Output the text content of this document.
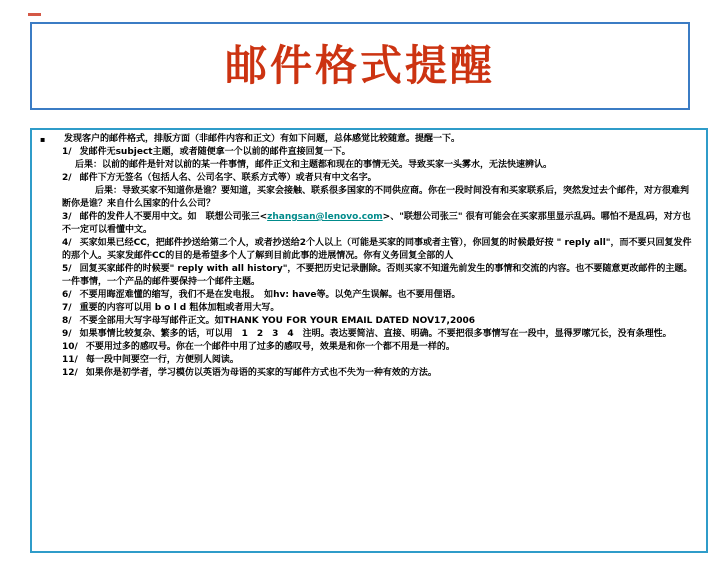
邮件格式提醒
▪	发现客户的邮件格式，排版方面（非邮件内容和正文）有如下问题，总体感觉比较随意。提醒一下。

1/ 发邮件无subject主题，或者随便拿一个以前的邮件直接回复一下。

后果：以前的邮件是针对以前的某一件事情，邮件正文和主题都和现在的事情无关。导致买家一头雾水，无法快速辨认。

2/ 邮件下方无签名（包括人名、公司名字、联系方式等）或者只有中文名字。

后果：导致买家不知道你是谁？要知道，买家会接触、联系很多国家的不同供应商。你在一段时间没有和买家联系后，突然发过去个邮件，对方很难判断你是谁？来自什么国家的什么公司？

3/ 邮件的发件人不要用中文。如　联想公司张三<zhangsan@lenovo.com>、"联想公司张三" 很有可能会在买家那里显示乱码。哪怕不是乱码，对方也不一定可以看懂中文。

4/ 买家如果已经CC，把邮件抄送给第二个人，或者抄送给2个人以上（可能是买家的同事或者主管），你回复的时候最好按 " reply all"，而不要只回复发件的那个人。买家发邮件CC的目的是希望多个人了解到目前此事的进展情况。你有义务回复全部的人

5/ 回复买家邮件的时候要" reply with all history"，不要把历史记录删除。否则买家不知道先前发生的事情和交流的内容。也不要随意更改邮件的主题。一件事情，一个产品的邮件要保持一个邮件主题。

6/ 不要用晦涩难懂的缩写，我们不是在发电报。　如hv: have等。以免产生误解。也不要用俚语。

7/ 重要的内容可以用 b o l d 粗体加粗或者用大写。

8/ 不要全部用大写字母写邮件正文。如THANK YOU FOR YOUR EMAIL DATED NOV17,2006

9/ 如果事情比较复杂、繁多的话，可以用　1　2　3　4　注明。表达要简洁、直接、明确。不要把很多事情写在一段中，显得罗嗦冗长，没有条理性。

10/ 不要用过多的感叹号。你在一个邮件中用了过多的感叹号，效果是和你一个都不用是一样的。

11/ 每一段中间要空一行，方便别人阅读。

12/ 如果你是初学者，学习模仿以英语为母语的买家的写邮件方式也不失为一种有效的方法。
